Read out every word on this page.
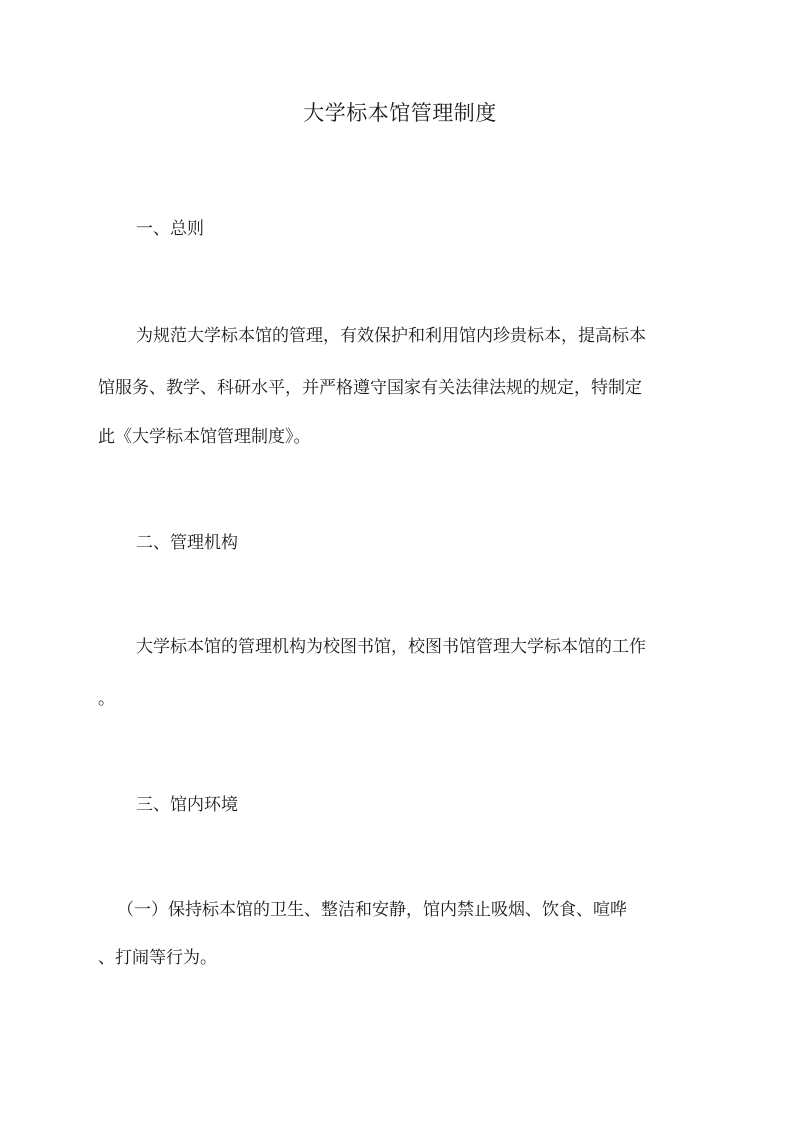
大学标本馆管理制度
一、总则

为规范大学标本馆的管理，有效保护和利用馆内珍贵标本，提高标本

馆服务、教学、科研水平，并严格遵守国家有关法律法规的规定，特制定

此《大学标本馆管理制度》。

二、管理机构

大学标本馆的管理机构为校图书馆，校图书馆管理大学标本馆的工作

。

三、馆内环境

（一）保持标本馆的卫生、整洁和安静，馆内禁止吸烟、饮食、喧哗

、打闹等行为。
